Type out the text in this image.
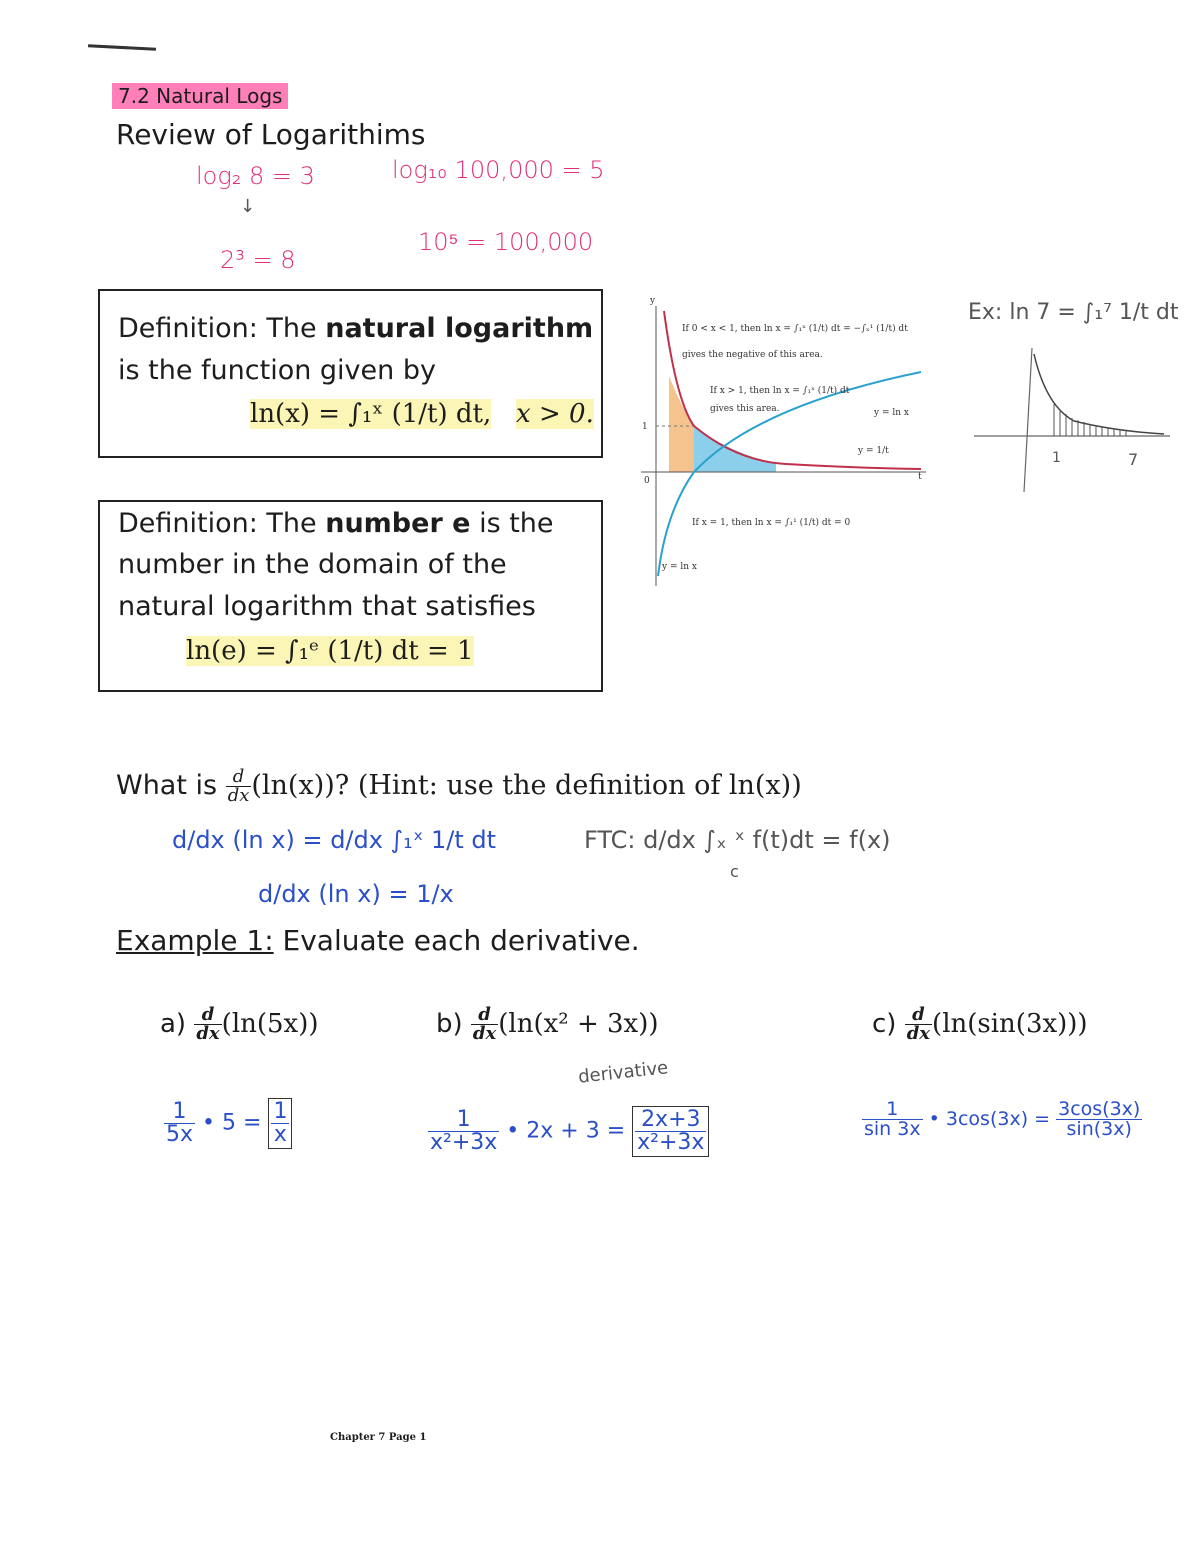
7.2 Natural Logs
Review of Logarithims
log₂ 8 = 3
↓
2³ = 8
log₁₀ 100,000 = 5
10⁵ = 100,000
Definition: The natural logarithm
is the function given by
ln(x) = ∫₁ˣ (1/t) dt, x > 0.
Definition: The number e is the
number in the domain of the
natural logarithm that satisfies
ln(e) = ∫₁ᵉ (1/t) dt = 1
If 0 < x < 1, then ln x = ∫₁ˣ (1/t) dt = −∫ₓ¹ (1/t) dt
gives the negative of this area.
If x > 1, then ln x = ∫₁ˣ (1/t) dt
gives this area.
If x = 1, then ln x = ∫₁¹ (1/t) dt = 0
y = ln x
y = 1/t
y = ln x
y
t
1
0
Ex: ln 7 = ∫₁⁷ 1/t dt
1	7
What is $\frac{d}{dx} (\ln(x))$? (Hint: use the definition of ln(x))
d/dx (ln x) = d/dx ∫₁ˣ 1/t dt	FTC: d/dx ∫ₓ ˣ f(t)dt = f(x)
c
d/dx (ln x) = 1/x
Example 1: Evaluate each derivative.
$a) \frac{d}{dx} (\ln(5x))$	$b) \frac{d}{dx} (\ln(x^2 + 3x))$
derivative
$c) \frac{d}{dx} (\ln(\sin(3x)))$
$\frac{1}{5x}$ • $5 = \frac{1}{x}$	$\frac{1}{\text{x²+3x}}$ • $2x + 3 = \frac{2x+3}{\text{x²+3x}}$	$\frac{1}{\sin 3x}$ • $3\cos(3x) = \frac{3\cos(3x)}{\sin(3x)}$
Chapter 7 Page 1
